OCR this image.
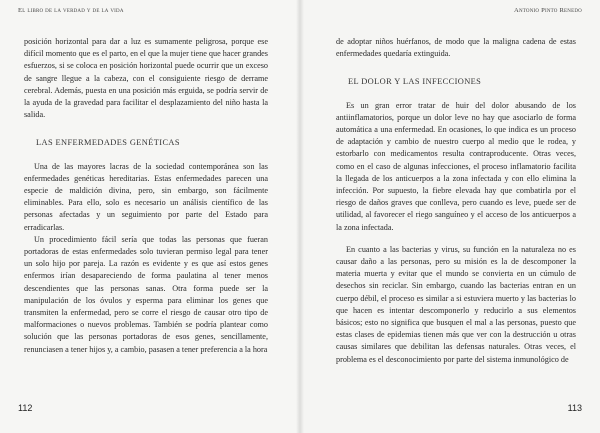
El libro de la verdad y de la vida

posición horizontal para dar a luz es sumamente peligrosa, porque ese difícil momento que es el parto, en el que la mujer tiene que hacer grandes esfuerzos, si se coloca en posición horizontal puede ocurrir que un exceso de sangre llegue a la cabeza, con el consiguiente riesgo de derrame cerebral. Además, puesta en una posición más erguida, se podría servir de la ayuda de la gravedad para facilitar el desplazamiento del niño hasta la salida.

LAS ENFERMEDADES GENÉTICAS

Una de las mayores lacras de la sociedad contemporánea son las enfermedades genéticas hereditarias. Estas enfermedades parecen una especie de maldición divina, pero, sin embargo, son fácilmente eliminables. Para ello, solo es necesario un análisis científico de las personas afectadas y un seguimiento por parte del Estado para erradicarlas.

Un procedimiento fácil sería que todas las personas que fueran portadoras de estas enfermedades solo tuvieran permiso legal para tener un solo hijo por pareja. La razón es evidente y es que así estos genes enfermos irían desapareciendo de forma paulatina al tener menos descendientes que las personas sanas. Otra forma puede ser la manipulación de los óvulos y esperma para eliminar los genes que transmiten la enfermedad, pero se corre el riesgo de causar otro tipo de malformaciones o nuevos problemas. También se podría plantear como solución que las personas portadoras de esos genes, sencillamente, renunciasen a tener hijos y, a cambio, pasasen a tener preferencia a la hora

112
Antonio Pinto Renedo

de adoptar niños huérfanos, de modo que la maligna cadena de estas enfermedades quedaría extinguida.

EL DOLOR Y LAS INFECCIONES

Es un gran error tratar de huir del dolor abusando de los antiinflamatorios, porque un dolor leve no hay que asociarlo de forma automática a una enfermedad. En ocasiones, lo que indica es un proceso de adaptación y cambio de nuestro cuerpo al medio que le rodea, y estorbarlo con medicamentos resulta contraproducente. Otras veces, como en el caso de algunas infecciones, el proceso inflamatorio facilita la llegada de los anticuerpos a la zona infectada y con ello elimina la infección. Por supuesto, la fiebre elevada hay que combatirla por el riesgo de daños graves que conlleva, pero cuando es leve, puede ser de utilidad, al favorecer el riego sanguíneo y el acceso de los anticuerpos a la zona infectada.

En cuanto a las bacterias y virus, su función en la naturaleza no es causar daño a las personas, pero su misión es la de descomponer la materia muerta y evitar que el mundo se convierta en un cúmulo de desechos sin reciclar. Sin embargo, cuando las bacterias entran en un cuerpo débil, el proceso es similar a si estuviera muerto y las bacterias lo que hacen es intentar descomponerlo y reducirlo a sus elementos básicos; esto no significa que busquen el mal a las personas, puesto que estas clases de epidemias tienen más que ver con la destrucción u otras causas similares que debilitan las defensas naturales. Otras veces, el problema es el desconocimiento por parte del sistema inmunológico de

113
